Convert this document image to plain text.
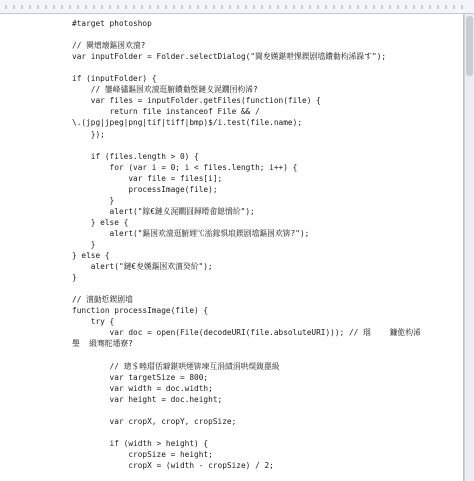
#target photoshop
// 闃熷壊鏂囦欢澶?
var inputFolder = Folder.selectDialog("閫夋嫨鍖呭惈鍥剧墖鐨勬枃浠跺す");
if (inputFolder) {
// 鑾峰彇鏂囦欢澶逛腑鐨勬墍鏈夊浘鐗囨枃浠?
var files = inputFolder.getFiles(function(file) {
return file instanceof File && /
\.(jpg|jpeg|png|tif|tiff|bmp)$/i.test(file.name);
});
if (files.length > 0) {
for (var i = 0; i < files.length; i++) {
var file = files[i];
processImage(file);
}
alert("鎵€鏈夊浘鐗囧鐞嗗畬鎴愶紒");
} else {
alert("鏂囦欢澶逛腑娌℃湁鎵惧埌鍥剧墖鏂囦欢锛?");
}
} else {
alert("鏈€夋嫨鏂囦欢澶癸紒");
}
// 澶勭悊鍥剧墖
function processImage(file) {
try {
var doc = open(File(decodeURI(file.absoluteURI))); // 瑙    鐮佹枃浠
璺  緞骞舵墦寮?
// 璁＄畻瑁佸壀鍖哄煙锛堜互涓績涓哄熀鍑嗭級
var targetSize = 800;
var width = doc.width;
var height = doc.height;
var cropX, cropY, cropSize;
if (width > height) {
cropSize = height;
cropX = (width - cropSize) / 2;
